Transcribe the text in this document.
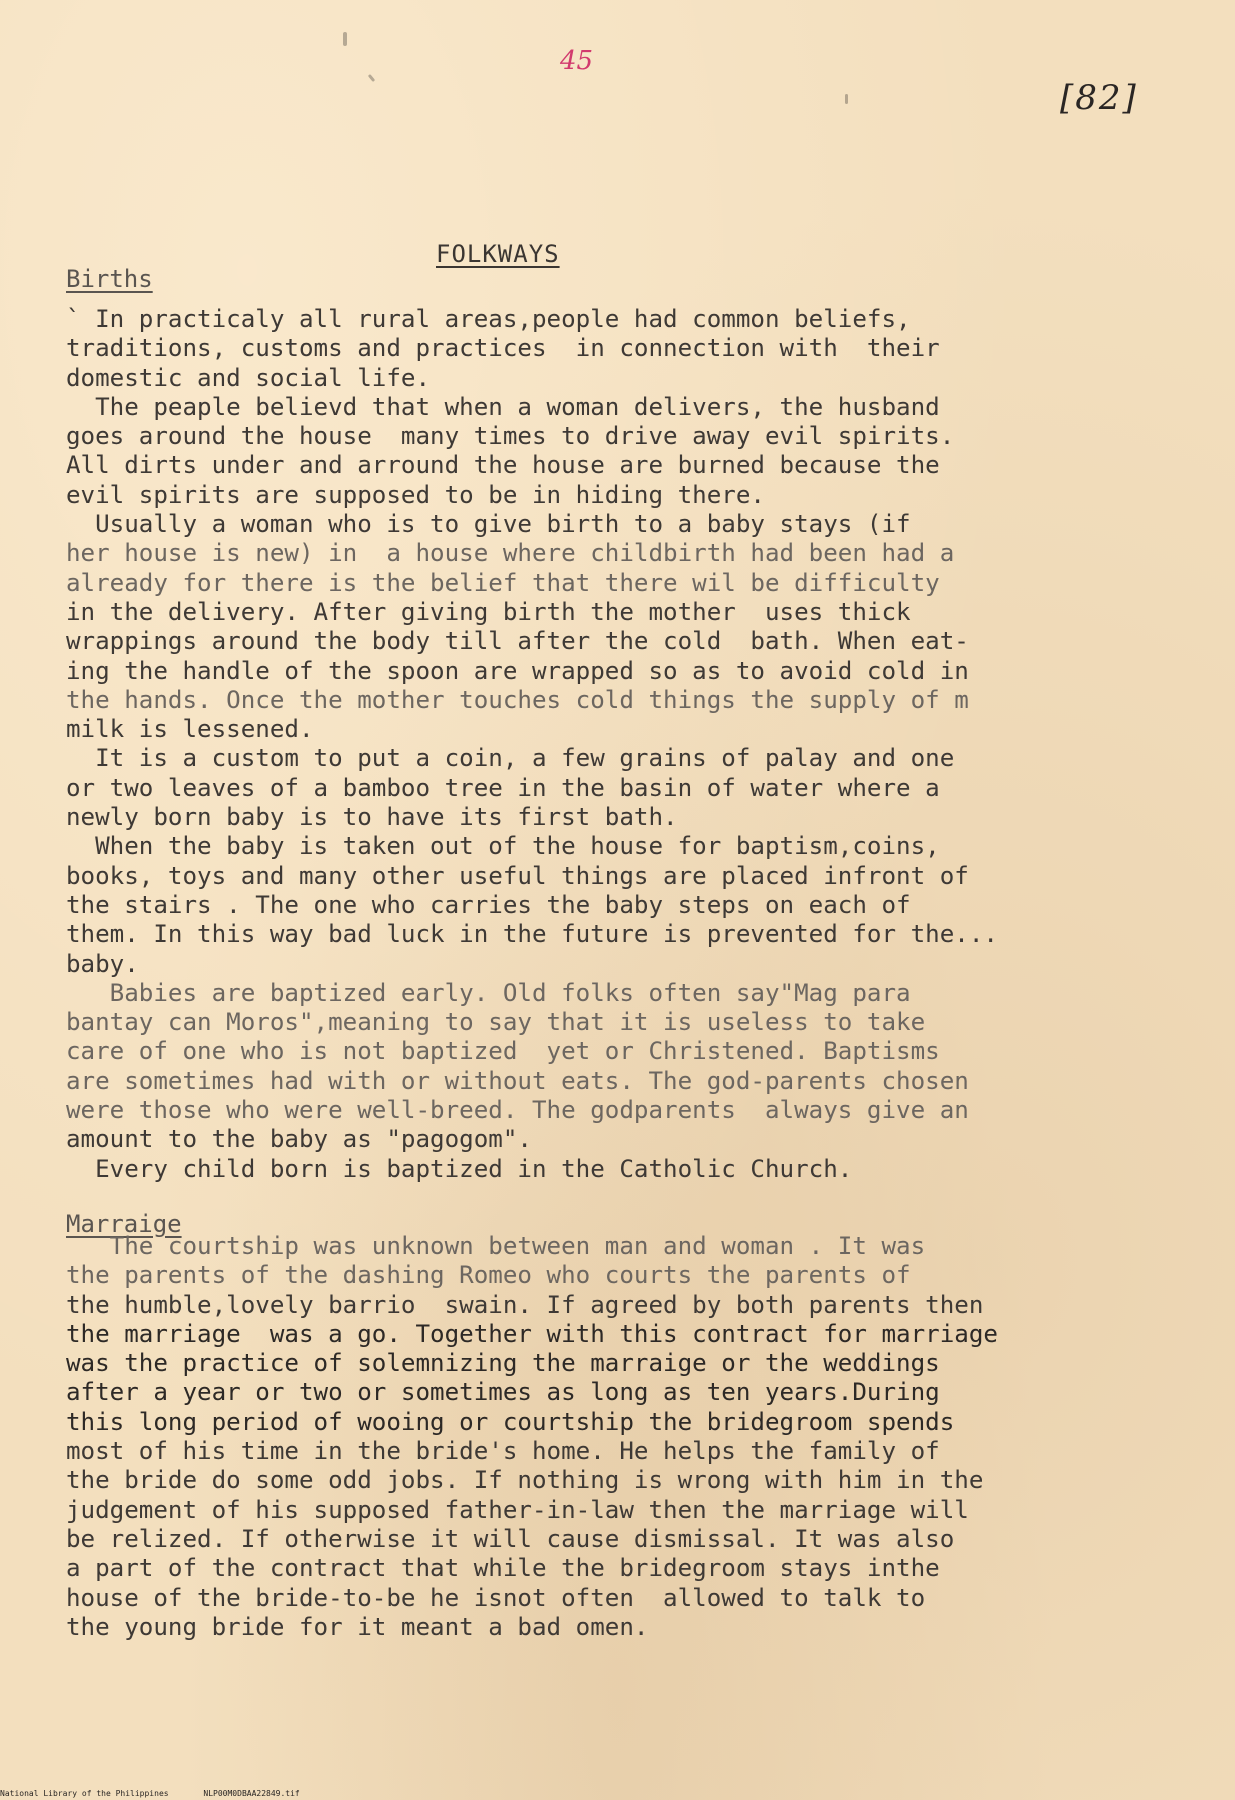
45
[82]
FOLKWAYS
Births
` In practicaly all rural areas,people had common beliefs,
traditions, customs and practices  in connection with  their
domestic and social life.
The peaple believd that when a woman delivers, the husband
goes around the house  many times to drive away evil spirits.
All dirts under and arround the house are burned because the
evil spirits are supposed to be in hiding there.
Usually a woman who is to give birth to a baby stays (if
her house is new) in  a house where childbirth had been had a
already for there is the belief that there wil be difficulty
in the delivery. After giving birth the mother  uses thick
wrappings around the body till after the cold  bath. When eat-
ing the handle of the spoon are wrapped so as to avoid cold in
the hands. Once the mother touches cold things the supply of m
milk is lessened.
It is a custom to put a coin, a few grains of palay and one
or two leaves of a bamboo tree in the basin of water where a
newly born baby is to have its first bath.
When the baby is taken out of the house for baptism,coins,
books, toys and many other useful things are placed infront of
the stairs . The one who carries the baby steps on each of
them. In this way bad luck in the future is prevented for the...
baby.
Babies are baptized early. Old folks often say"Mag para
bantay can Moros",meaning to say that it is useless to take
care of one who is not baptized  yet or Christened. Baptisms
are sometimes had with or without eats. The god-parents chosen
were those who were well-breed. The godparents  always give an
amount to the baby as "pagogom".
Every child born is baptized in the Catholic Church.
Marraige
The courtship was unknown between man and woman . It was
the parents of the dashing Romeo who courts the parents of
the humble,lovely barrio  swain. If agreed by both parents then
the marriage  was a go. Together with this contract for marriage
was the practice of solemnizing the marraige or the weddings
after a year or two or sometimes as long as ten years.During
this long period of wooing or courtship the bridegroom spends
most of his time in the bride's home. He helps the family of
the bride do some odd jobs. If nothing is wrong with him in the
judgement of his supposed father-in-law then the marriage will
be relized. If otherwise it will cause dismissal. It was also
a part of the contract that while the bridegroom stays inthe
house of the bride-to-be he isnot often  allowed to talk to
the young bride for it meant a bad omen.
National Library of the Philippines	NLP00M0DBAA22849.tif
